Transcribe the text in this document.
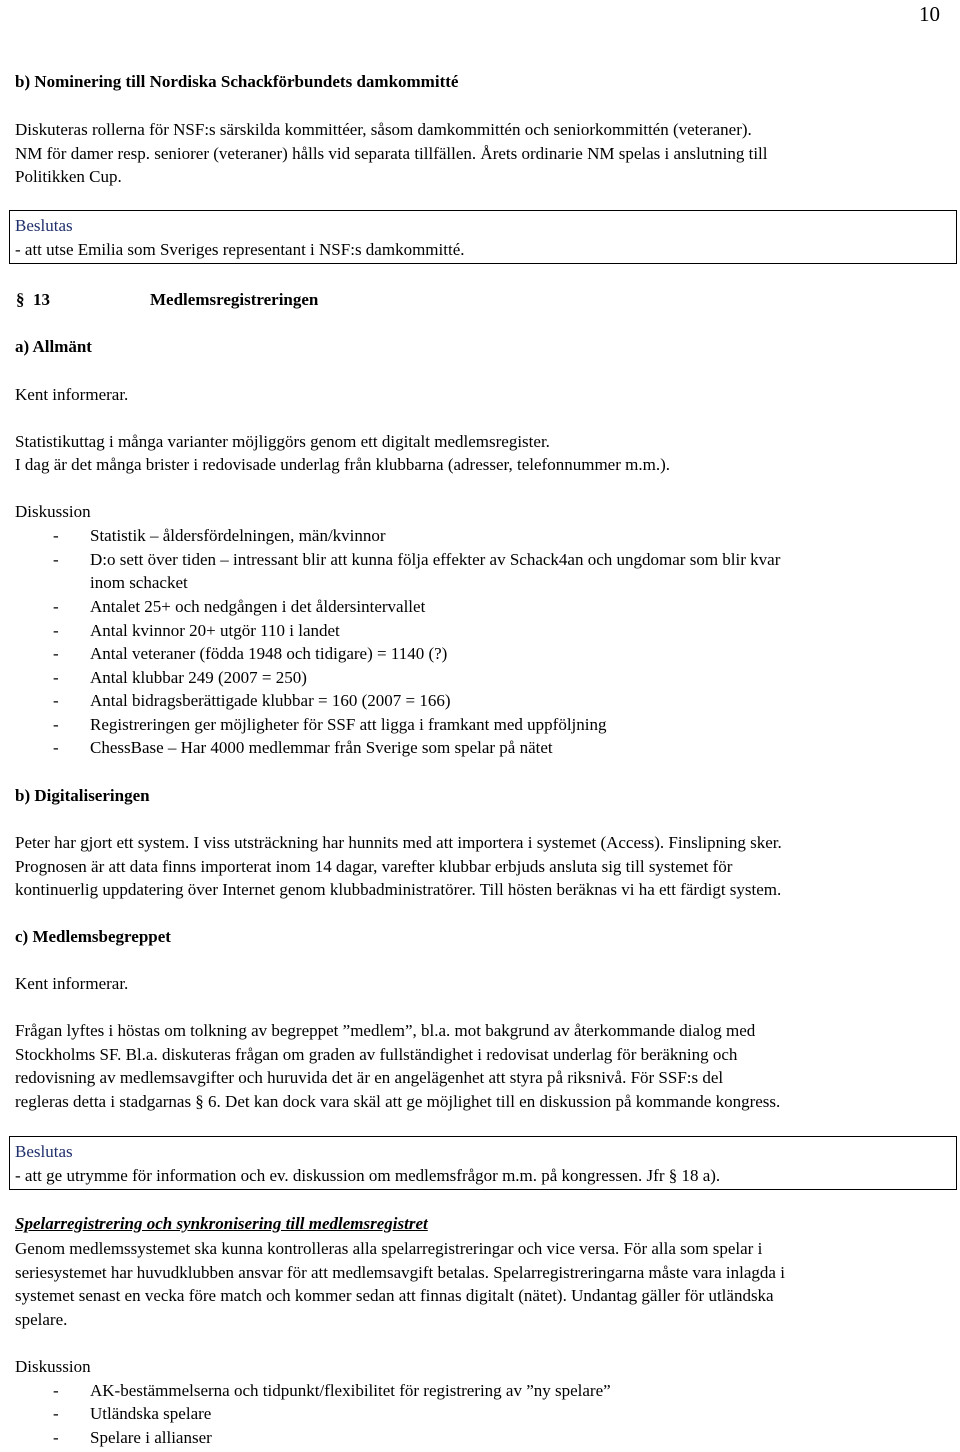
10
b) Nominering till Nordiska Schackförbundets damkommitté
Diskuteras rollerna för NSF:s särskilda kommittéer, såsom damkommittén och seniorkommittén (veteraner).
NM för damer resp. seniorer (veteraner) hålls vid separata tillfällen. Årets ordinarie NM spelas i anslutning till
Politikken Cup.
Beslutas
- att utse Emilia som Sveriges representant i NSF:s damkommitté.
§ 13	Medlemsregistreringen
a) Allmänt
Kent informerar.
Statistikuttag i många varianter möjliggörs genom ett digitalt medlemsregister.
I dag är det många brister i redovisade underlag från klubbarna (adresser, telefonnummer m.m.).
Diskussion
- Statistik – åldersfördelningen, män/kvinnor
- D:o sett över tiden – intressant blir att kunna följa effekter av Schack4an och ungdomar som blir kvar
inom schacket
- Antalet 25+ och nedgången i det åldersintervallet
- Antal kvinnor 20+ utgör 110 i landet
- Antal veteraner (födda 1948 och tidigare) = 1140 (?)
- Antal klubbar 249 (2007 = 250)
- Antal bidragsberättigade klubbar = 160 (2007 = 166)
- Registreringen ger möjligheter för SSF att ligga i framkant med uppföljning
- ChessBase – Har 4000 medlemmar från Sverige som spelar på nätet
b) Digitaliseringen
Peter har gjort ett system. I viss utsträckning har hunnits med att importera i systemet (Access). Finslipning sker.
Prognosen är att data finns importerat inom 14 dagar, varefter klubbar erbjuds ansluta sig till systemet för
kontinuerlig uppdatering över Internet genom klubbadministratörer. Till hösten beräknas vi ha ett färdigt system.
c) Medlemsbegreppet
Kent informerar.
Frågan lyftes i höstas om tolkning av begreppet ”medlem”, bl.a. mot bakgrund av återkommande dialog med
Stockholms SF. Bl.a. diskuteras frågan om graden av fullständighet i redovisat underlag för beräkning och
redovisning av medlemsavgifter och huruvida det är en angelägenhet att styra på riksnivå. För SSF:s del
regleras detta i stadgarnas § 6. Det kan dock vara skäl att ge möjlighet till en diskussion på kommande kongress.
Beslutas
- att ge utrymme för information och ev. diskussion om medlemsfrågor m.m. på kongressen. Jfr § 18 a).
Spelarregistrering och synkronisering till medlemsregistret
Genom medlemssystemet ska kunna kontrolleras alla spelarregistreringar och vice versa. För alla som spelar i
seriesystemet har huvudklubben ansvar för att medlemsavgift betalas. Spelarregistreringarna måste vara inlagda i
systemet senast en vecka före match och kommer sedan att finnas digitalt (nätet). Undantag gäller för utländska
spelare.
Diskussion
- AK-bestämmelserna och tidpunkt/flexibilitet för registrering av ”ny spelare”
- Utländska spelare
- Spelare i allianser
